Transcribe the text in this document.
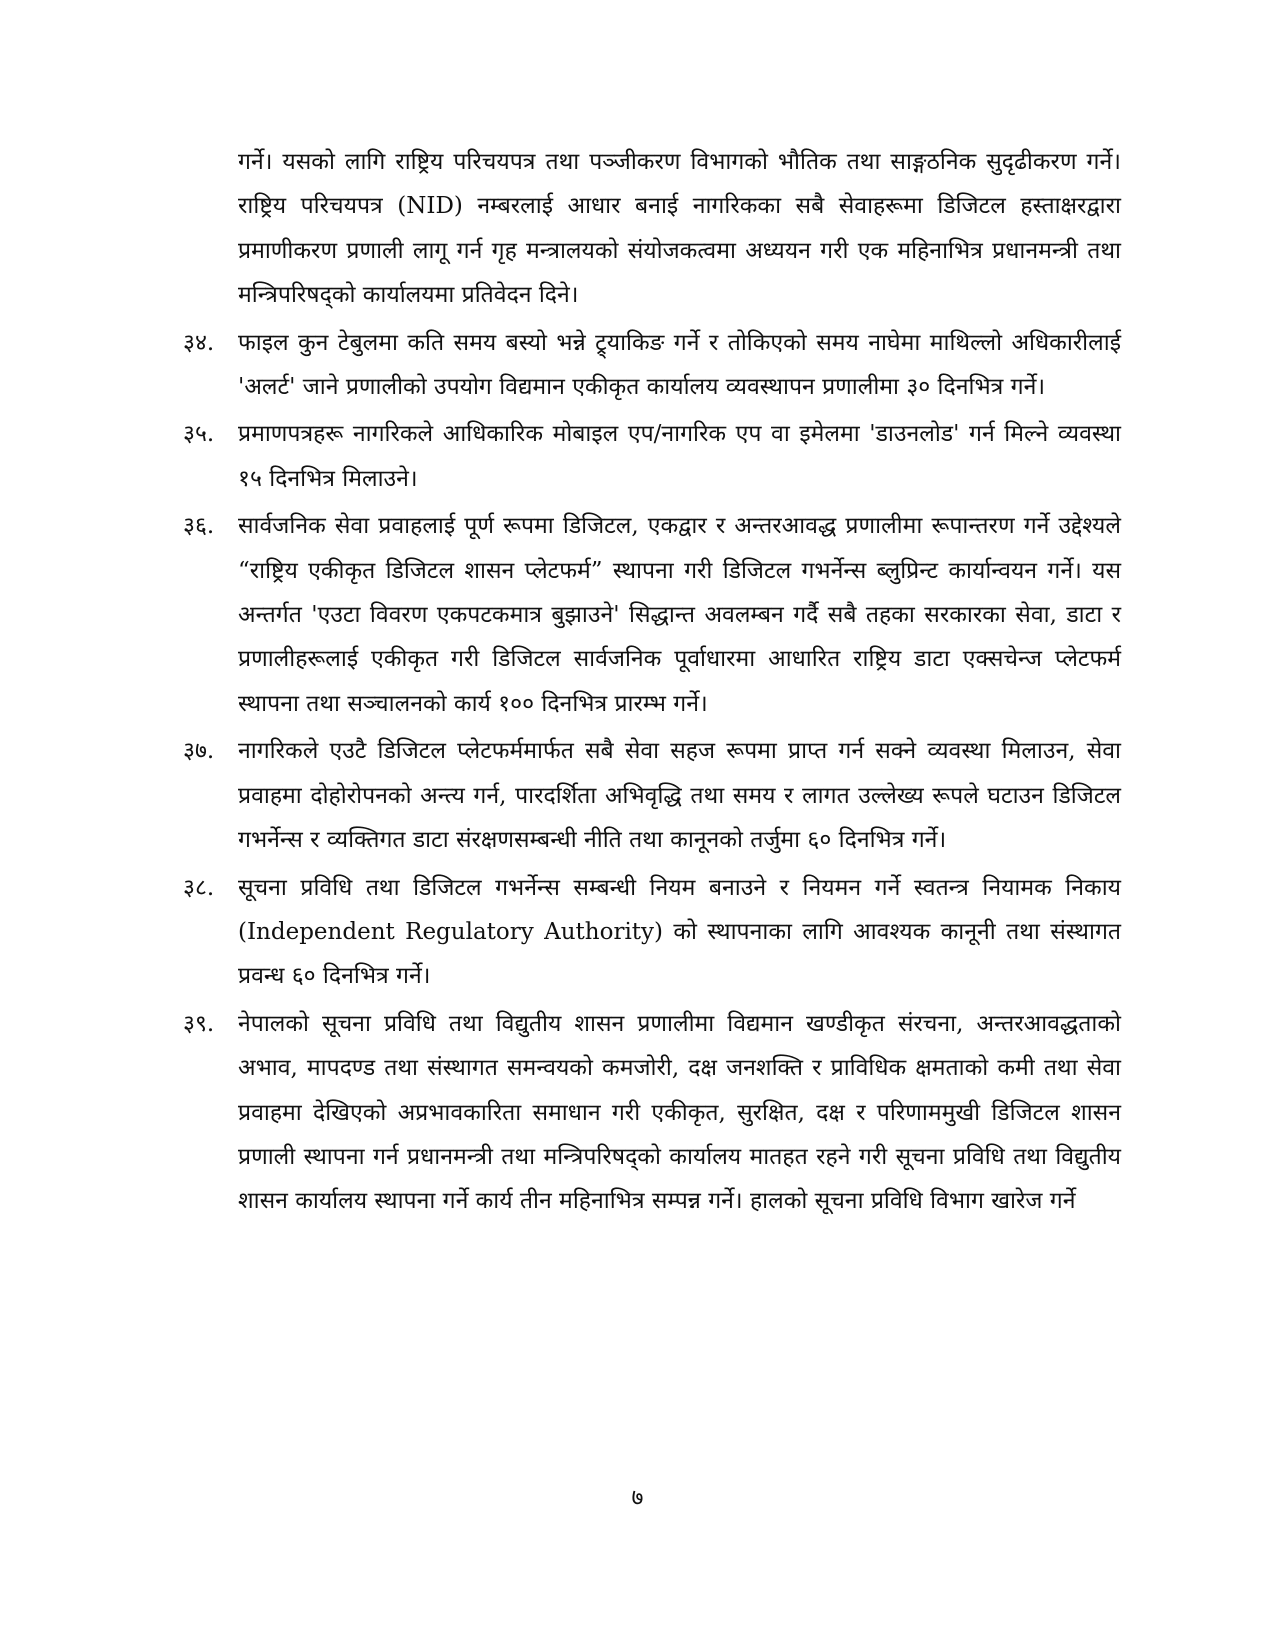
गर्ने। यसको लागि राष्ट्रिय परिचयपत्र तथा पञ्जीकरण विभागको भौतिक तथा साङ्गठनिक सुदृढीकरण गर्ने। राष्ट्रिय परिचयपत्र (NID) नम्बरलाई आधार बनाई नागरिकका सबै सेवाहरूमा डिजिटल हस्ताक्षरद्वारा प्रमाणीकरण प्रणाली लागू गर्न गृह मन्त्रालयको संयोजकत्वमा अध्ययन गरी एक महिनाभित्र प्रधानमन्त्री तथा मन्त्रिपरिषद्को कार्यालयमा प्रतिवेदन दिने।

३४.	फाइल कुन टेबुलमा कति समय बस्यो भन्ने ट्र्याकिङ गर्ने र तोकिएको समय नाघेमा माथिल्लो अधिकारीलाई 'अलर्ट' जाने प्रणालीको उपयोग विद्यमान एकीकृत कार्यालय व्यवस्थापन प्रणालीमा ३० दिनभित्र गर्ने।

३५.	प्रमाणपत्रहरू नागरिकले आधिकारिक मोबाइल एप/नागरिक एप वा इमेलमा 'डाउनलोड' गर्न मिल्ने व्यवस्था १५ दिनभित्र मिलाउने।

३६.	सार्वजनिक सेवा प्रवाहलाई पूर्ण रूपमा डिजिटल, एकद्वार र अन्तरआवद्ध प्रणालीमा रूपान्तरण गर्ने उद्देश्यले “राष्ट्रिय एकीकृत डिजिटल शासन प्लेटफर्म” स्थापना गरी डिजिटल गभर्नेन्स ब्लुप्रिन्ट कार्यान्वयन गर्ने। यस अन्तर्गत 'एउटा विवरण एकपटकमात्र बुझाउने' सिद्धान्त अवलम्बन गर्दै सबै तहका सरकारका सेवा, डाटा र प्रणालीहरूलाई एकीकृत गरी डिजिटल सार्वजनिक पूर्वाधारमा आधारित राष्ट्रिय डाटा एक्सचेन्ज प्लेटफर्म स्थापना तथा सञ्चालनको कार्य १०० दिनभित्र प्रारम्भ गर्ने।

३७.	नागरिकले एउटै डिजिटल प्लेटफर्ममार्फत सबै सेवा सहज रूपमा प्राप्त गर्न सक्ने व्यवस्था मिलाउन, सेवा प्रवाहमा दोहोरोपनको अन्त्य गर्न, पारदर्शिता अभिवृद्धि तथा समय र लागत उल्लेख्य रूपले घटाउन डिजिटल गभर्नेन्स र व्यक्तिगत डाटा संरक्षणसम्बन्धी नीति तथा कानूनको तर्जुमा ६० दिनभित्र गर्ने।

३८.	सूचना प्रविधि तथा डिजिटल गभर्नेन्स सम्बन्धी नियम बनाउने र नियमन गर्ने स्वतन्त्र नियामक निकाय (Independent Regulatory Authority) को स्थापनाका लागि आवश्यक कानूनी तथा संस्थागत प्रवन्ध ६० दिनभित्र गर्ने।

३९.	नेपालको सूचना प्रविधि तथा विद्युतीय शासन प्रणालीमा विद्यमान खण्डीकृत संरचना, अन्तरआवद्धताको अभाव, मापदण्ड तथा संस्थागत समन्वयको कमजोरी, दक्ष जनशक्ति र प्राविधिक क्षमताको कमी तथा सेवा प्रवाहमा देखिएको अप्रभावकारिता समाधान गरी एकीकृत, सुरक्षित, दक्ष र परिणाममुखी डिजिटल शासन प्रणाली स्थापना गर्न प्रधानमन्त्री तथा मन्त्रिपरिषद्को कार्यालय मातहत रहने गरी सूचना प्रविधि तथा विद्युतीय शासन कार्यालय स्थापना गर्ने कार्य तीन महिनाभित्र सम्पन्न गर्ने। हालको सूचना प्रविधि विभाग खारेज गर्ने

७
